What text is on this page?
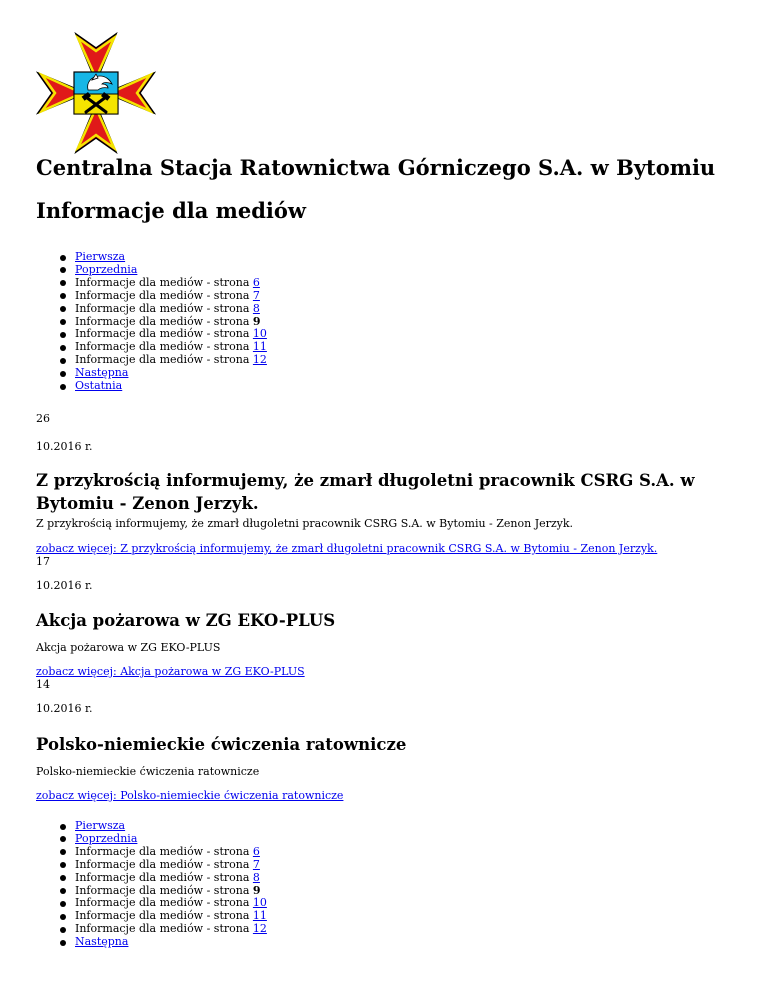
Centralna Stacja Ratownictwa Górniczego S.A. w Bytomiu
Informacje dla mediów
Pierwsza
Poprzednia
Informacje dla mediów - strona 6
Informacje dla mediów - strona 7
Informacje dla mediów - strona 8
Informacje dla mediów - strona 9
Informacje dla mediów - strona 10
Informacje dla mediów - strona 11
Informacje dla mediów - strona 12
Następna
Ostatnia

26

10.2016 r.

Z przykrością informujemy, że zmarł długoletni pracownik CSRG S.A. w Bytomiu - Zenon Jerzyk.

Z przykrością informujemy, że zmarł długoletni pracownik CSRG S.A. w Bytomiu - Zenon Jerzyk.

zobacz więcej: Z przykrością informujemy, że zmarł długoletni pracownik CSRG S.A. w Bytomiu - Zenon Jerzyk.

17

10.2016 r.

Akcja pożarowa w ZG EKO-PLUS

Akcja pożarowa w ZG EKO-PLUS

zobacz więcej: Akcja pożarowa w ZG EKO-PLUS

14

10.2016 r.

Polsko-niemieckie ćwiczenia ratownicze

Polsko-niemieckie ćwiczenia ratownicze

zobacz więcej: Polsko-niemieckie ćwiczenia ratownicze
Pierwsza
Poprzednia
Informacje dla mediów - strona 6
Informacje dla mediów - strona 7
Informacje dla mediów - strona 8
Informacje dla mediów - strona 9
Informacje dla mediów - strona 10
Informacje dla mediów - strona 11
Informacje dla mediów - strona 12
Następna
